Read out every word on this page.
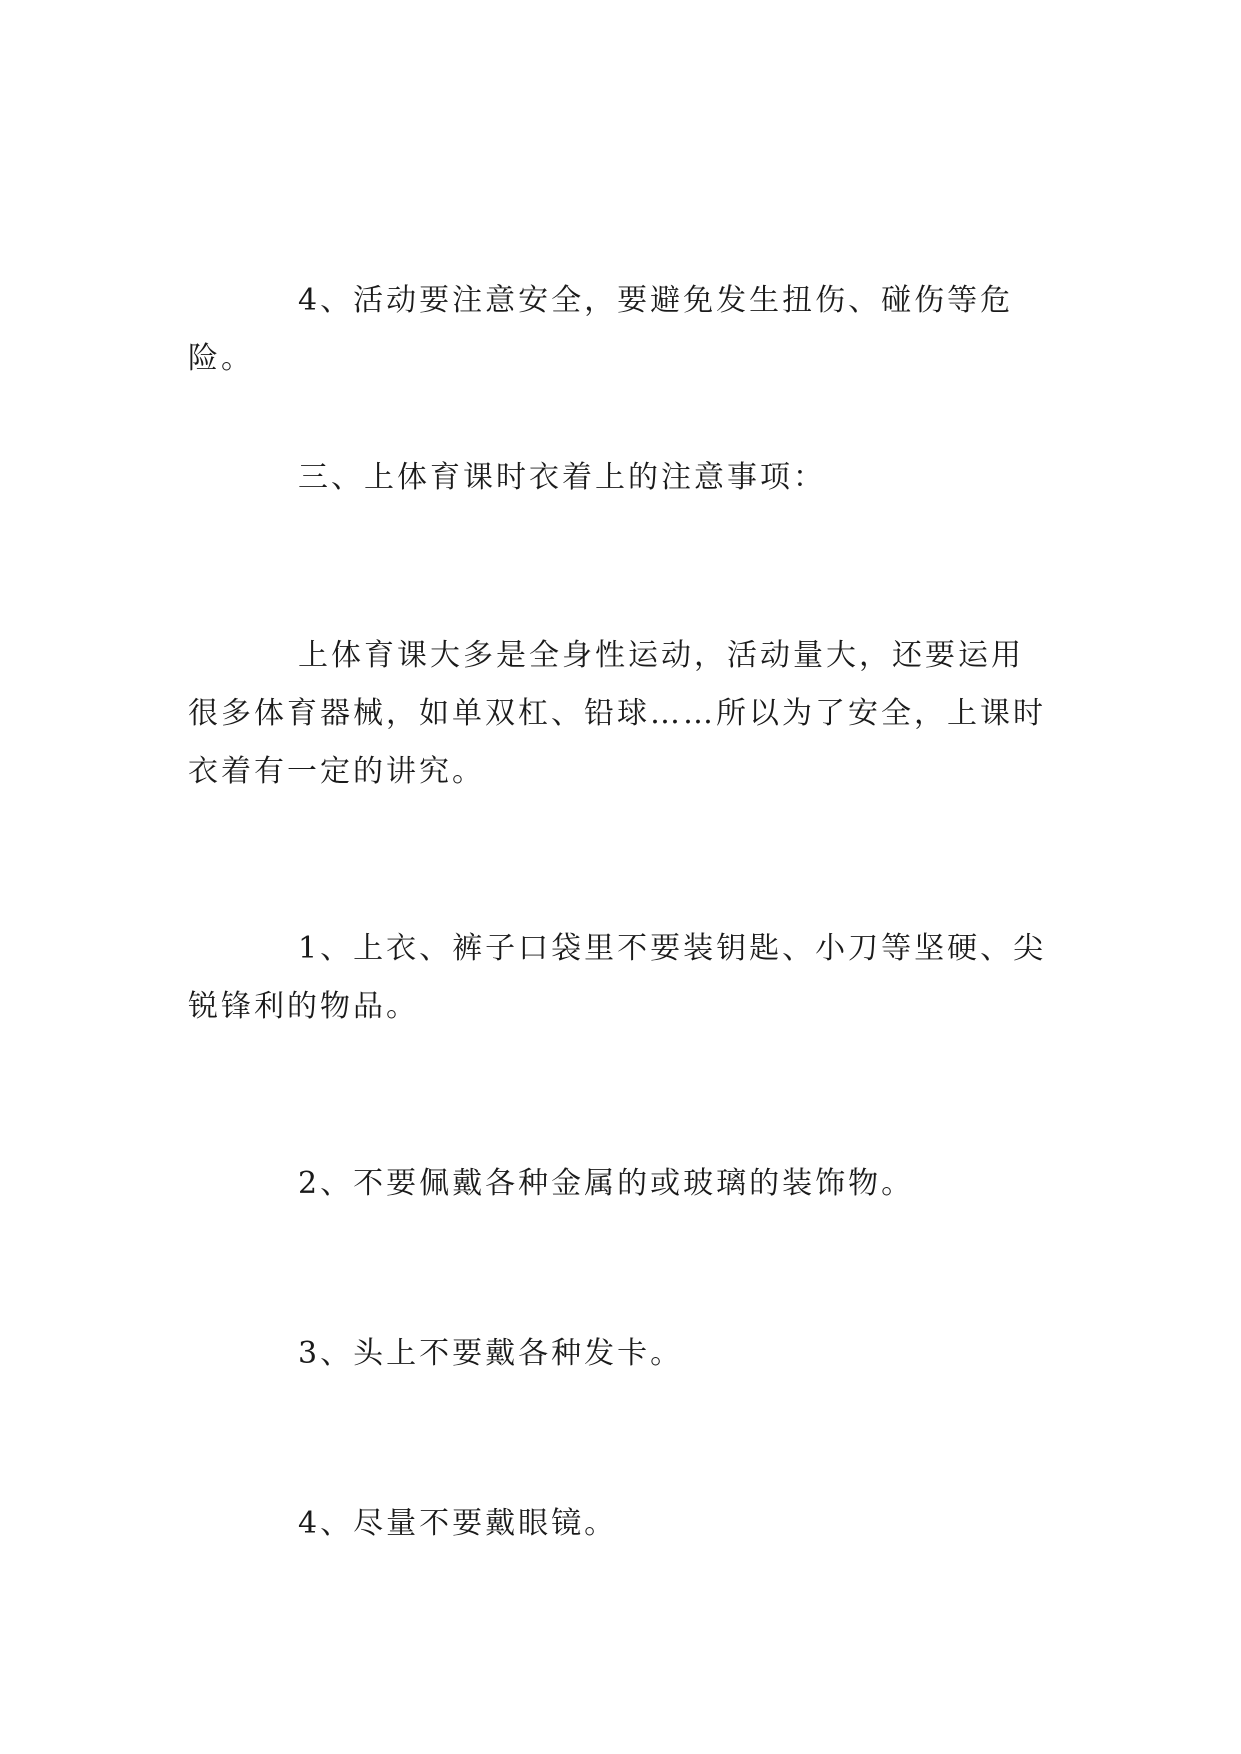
4、活动要注意安全，要避免发生扭伤、碰伤等危险。

三、上体育课时衣着上的注意事项：

上体育课大多是全身性运动，活动量大，还要运用很多体育器械，如单双杠、铅球……所以为了安全，上课时衣着有一定的讲究。

1、上衣、裤子口袋里不要装钥匙、小刀等坚硬、尖锐锋利的物品。

2、不要佩戴各种金属的或玻璃的装饰物。

3、头上不要戴各种发卡。

4、尽量不要戴眼镜。
